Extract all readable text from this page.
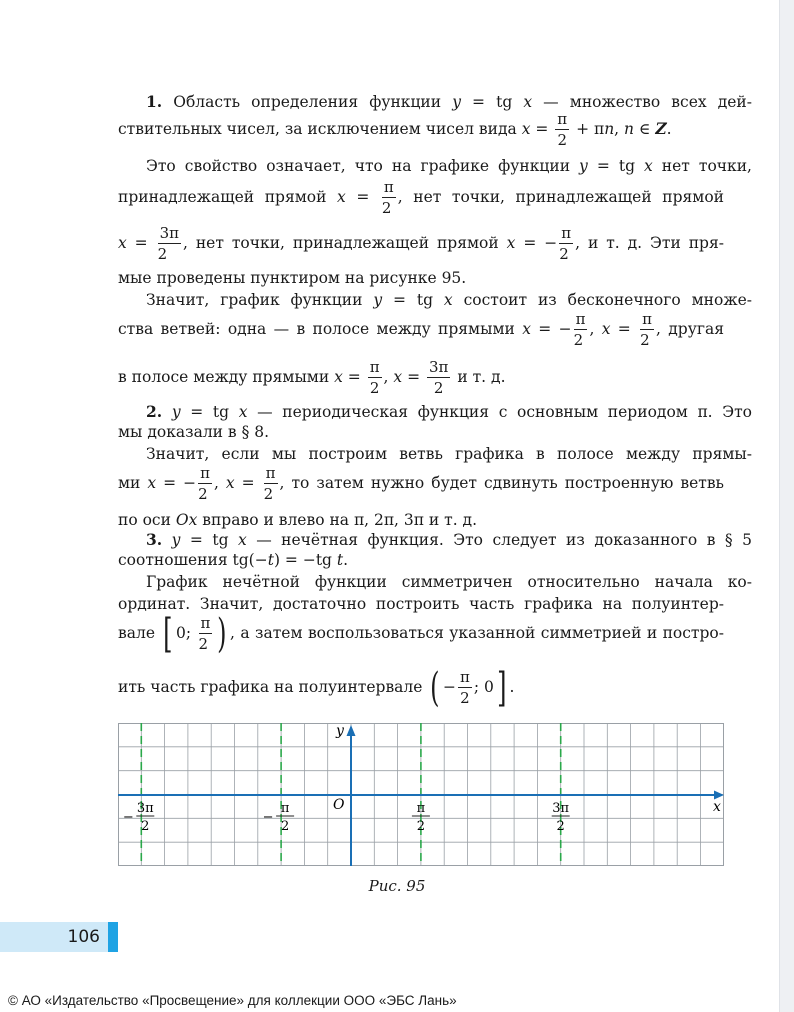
1. Область определения функции y = tg x — множество всех дей-

ствительных чисел, за исключением чисел вида $x = \frac{\pi}{2} + \pi n$, n ∈ Z.

Это свойство означает, что на графике функции y = tg x нет точки,

принадлежащей прямой $x = \frac{\pi}{2}$ , нет точки, принадлежащей прямой

$x = \frac{3\pi}{2}$ , нет точки, принадлежащей прямой x = − $\frac{\pi}{2}$ , и т. д. Эти пря-

мые проведены пунктиром на рисунке 95.

Значит, график функции y = tg x состоит из бесконечного множе-

ства ветвей: одна — в полосе между прямыми x = − $\frac{\pi}{2}$ , $x = \frac{\pi}{2}$ , другая

в полосе между прямыми $x = \frac{\pi}{2}$ , $x = \frac{3\pi}{2}$ и т. д.

2. y = tg x — периодическая функция с основным периодом π. Это

мы доказали в § 8.

Значит, если мы построим ветвь графика в полосе между прямы-

ми x = − $\frac{\pi}{2}$ , $x = \frac{\pi}{2}$ , то затем нужно будет сдвинуть построенную ветвь

по оси Ox вправо и влево на π, 2π, 3π и т. д.

3. y = tg x — нечётная функция. Это следует из доказанного в § 5

соотношения tg(−t) = −tg t.

График нечётной функции симметричен относительно начала ко-

ординат. Значит, достаточно построить часть графика на полуинтер-

вале [ 0; $\frac{\pi}{2}$ ) , а затем воспользоваться указанной симметрией и постро-

ить часть графика на полуинтервале ( − $\frac{\pi}{2}$ ; 0] .

y
x
O
3π
2
−
π
2
−
π
2
3π
2
Рис. 95
106
© АО «Издательство «Просвещение» для коллекции ООО «ЭБС Лань»
